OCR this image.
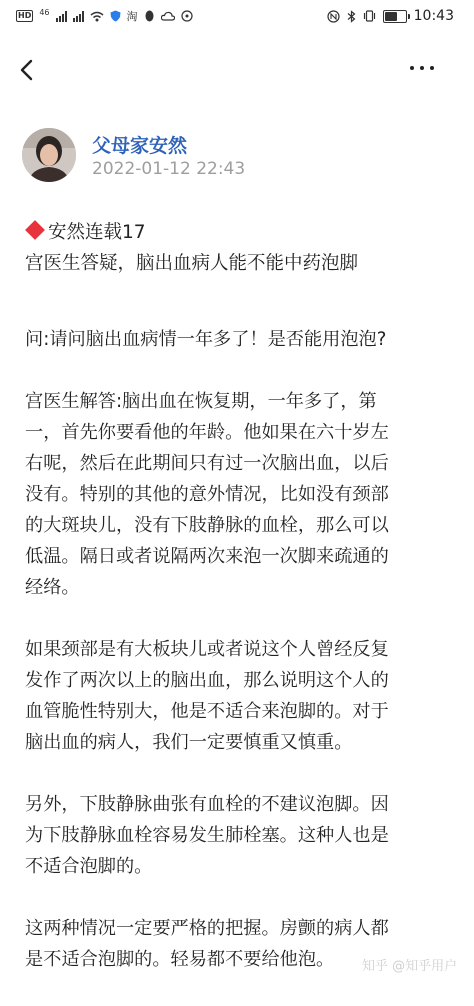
HD 46	淘	10:43
父母家安然
2022-01-12 22:43
安然连载17
宫医生答疑，脑出血病人能不能中药泡脚

问:请问脑出血病情一年多了！是否能用泡泡?

宫医生解答:脑出血在恢复期，一年多了，第
一，首先你要看他的年龄。他如果在六十岁左
右呢，然后在此期间只有过一次脑出血，以后
没有。特别的其他的意外情况，比如没有颈部
的大斑块儿，没有下肢静脉的血栓，那么可以
低温。隔日或者说隔两次来泡一次脚来疏通的
经络。

如果颈部是有大板块儿或者说这个人曾经反复
发作了两次以上的脑出血，那么说明这个人的
血管脆性特别大，他是不适合来泡脚的。对于
脑出血的病人，我们一定要慎重又慎重。

另外，下肢静脉曲张有血栓的不建议泡脚。因
为下肢静脉血栓容易发生肺栓塞。这种人也是
不适合泡脚的。

这两种情况一定要严格的把握。房颤的病人都
是不适合泡脚的。轻易都不要给他泡。	知乎 @知乎用户
